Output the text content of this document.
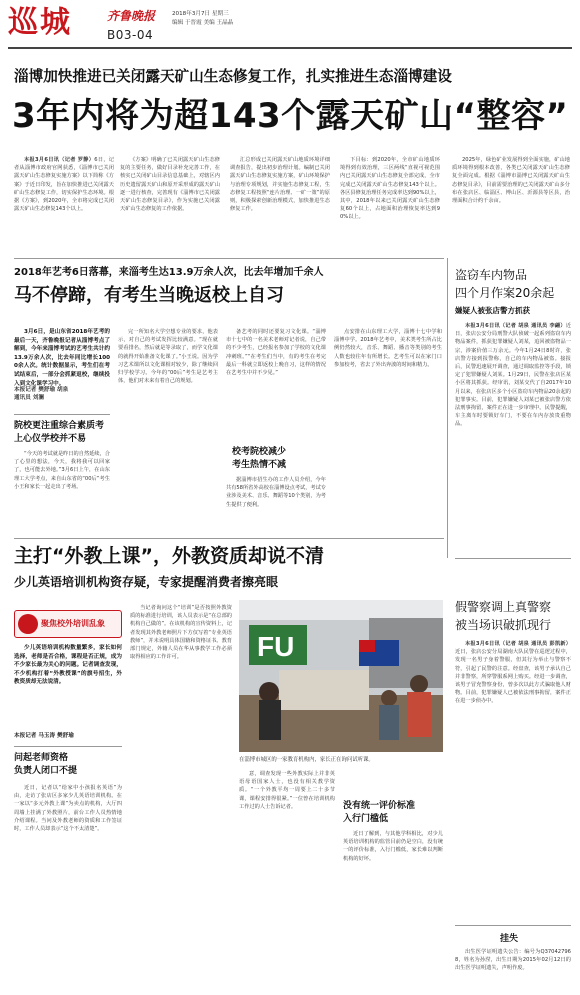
巡城	齐鲁晚报	2018年3月7日 星期三
编辑 于晋霞 美编 王晶晶
B03-04
淄博加快推进已关闭露天矿山生态修复工作，扎实推进生态淄博建设
3年内将为超143个露天矿山“整容”

本报3月6日讯（记者 罗静）6日，记者从淄博市政府官网获悉，《淄博市已关闭露天矿山生态修复实施方案》以下简称《方案》于近日印发，旨在加快推进已关闭露天矿山生态修复工作，切实保护生态环境。根据《方案》，到2020年，全市将完成已关闭露天矿山生态修复143个以上。

《方案》明确了已关闭露天矿山生态修复的主要任务，做好目录补充完善工作，在核实已关闭矿山目录信息基础上，对辖区内历史遗留露天矿山和原开采形成的露天矿山逐一进行核查，完善现有《淄博市已关闭露天矿山生态修复目录》，作为实施已关闭露天矿山生态修复的工作依据。

汇总形成已关闭露天矿山地质环境详细调查报告，提出初步治理计划。编制已关闭露天矿山生态修复实施方案，矿山环境保护与治理专项规划，并实施生态修复工程，生态修复工程按照“连片治理、一矿一策”的原则，积极探索创新治理模式，加快推进生态修复工作。

下目标：到2020年，全市矿山地质环境得到有效治理，三区两线“直视可视范围内已关闭露天矿山生态修复全部完成，全市完成已关闭露天矿山生态修复143个以上。各区县修复治理任务完成率达到90%以上，其中，2018年以来已关闭露天矿山生态修复60个以上，占地面积治理恢复率达到90%以上。

2025年，绿色矿业发展得到全面实施，矿山地质环境得到根本改善，各类已关闭露天矿山生态修复全面完成。根据《淄博市淄博已关闭露天矿山生态修复目录》，目前需要治理的已关闭露天矿山多分布在张店区、临淄区、博山区、沂源县等区县，治理面积合计约千余亩。

2018年艺考6日落幕，来淄考生达13.9万余人次，比去年增加千余人
马不停蹄，有考生当晚返校上自习

3月6日，是山东省2018年艺考的最后一天，齐鲁晚报记者从淄博考点了解到，今年来淄博考试的艺考生共计约13.9万余人次，比去年同比增长1000余人次。统计数据显示，考生们在考试结束后，一部分会抓紧返校，继续投入到文化课学习中。

本报记者 樊舒瑜 胡泉
通讯员 刘澜
院校更注重综合素质考上心仪学校并不易

“今天的考试就是昨日的自然延续，合了心里的想法，今天，我将我可以回家了，也可能去外地。”3月6日上午，在山东理工大学考点，来自山东省的“00后”考生小王和家长一起走出了考场。

完一所知名大学空想专业的要求，他表示，对自己的考试发挥比较满意。“现在就要看排名，然后就是等录取了，而学文化课的就得开始准备文化课了。”小王说。因为学习艺术课所以文化课相对较少，除了继续回归学校学习。今年的“00后”考生是艺考主体，他们对未来有着自己的规划。

备艺考的同时还要复习文化课。“淄博市十七中的一名美术老师对记者说，自己带的不少考生，已经报名参加了学校的文化课冲刺班。”“在考生们当中，有的考生在考完最后一科就立即返校上晚自习，这样的情况在艺考生中并不少见。”

校考院校减少
考生热情不减

据淄博市招生办的工作人员介绍，今年共有58所省外高校在淄博设点考试，考试专业涉及美术、音乐、舞蹈等10个类别，为考生提供了便利。

点安排在山东理工大学，淄博十七中学和淄博中学。2018年艺考中，美术类考生所占比例仍然较大，音乐、舞蹈、播音等类别的考生人数也较往年有所增长。艺考生可以在家门口参加校考，省去了外出奔波的时间和精力。

盗窃车内物品
四个月作案20余起
嫌疑人被张店警方抓获

本报3月6日讯（记者 胡泉 通讯员 李翩）近日，张店公安分局刑警大队侦破一起系列盗窃车内物品案件，抓获犯罪嫌疑人刘某，追回被盗物品一宗，涉案价值三万余元。今年1月24日8时许，张店警方接到报警称，自己的车内物品被盗。接报后，民警迅速展开调查，通过调取监控等手段，锁定了犯罪嫌疑人刘某。1月29日，民警在张店区某小区将其抓获。经审讯，刘某交代了自2017年10月以来，在张店区多个小区盗窃车内物品20余起的犯罪事实。目前，犯罪嫌疑人刘某已被张店警方依法刑事拘留，案件正在进一步审理中。民警提醒，车主离车时要锁好车门，不要在车内存放贵重物品。

假警察调上真警察
被当场识破抓现行

本报3月6日讯（记者 胡泉 通讯员 彭凯新）近日，张店公安分局湖南大队民警在巡逻过程中，发现一名男子身着警服，但其行为举止与警察不符，引起了民警的注意。经盘查，该男子承认自己并非警察，所穿警服系网上购买。经进一步调查，该男子冒充警察身份，曾多次以此方式骗取他人财物。目前，犯罪嫌疑人已被依法刑事拘留，案件正在进一步侦办中。

挂失

出生医学证明遗失公告：编号为Q370427968，姓名为孙滢，出生日期为2015年02月12日的出生医学证明遗失，声明作废。

主打“外教上课”，外教资质却说不清
少儿英语培训机构资存疑，专家提醒消费者擦亮眼
聚焦校外培训乱象

少儿英语培训机构数量繁多，家长如何选择，老师是否合格，课程是否正规，成为不少家长最为关心的问题。记者调查发现，不少机构打着“外教授课”的旗号招生，外教资质却无法说清。

本报记者 马玉涛 樊舒瑜
问起老师资格
负责人闭口不提

近日，记者以“给家中小孩报名英语”为由，走访了张店区多家少儿英语培训机构。在一家以“多元外教上课”为卖点的机构，大厅四周墙上挂满了外教照片，前台工作人员热情地介绍课程。当问及外教老师的资质和工作签证时，工作人员却表示“这个不太清楚”。

当记者询问这个“培训”是否按照外教资质的标准进行培训，该人员表示是“在总部的机构自己做的”。在该机构的宣传资料上，记者发现其外教老师照片下方仅写着“专业英语教师”，并未说明具体国籍和资格证书。教育部门规定，外籍人员在华从事教学工作必须取得相应的工作许可。	FU
在淄博市城区的一家教育机构内，家长正在询问试听课。

意，调查发现一些外教实际上并非英语母语国家人士，也没有相关教学资质。“一个外教平均一周要上二十多节课，课程安排得很紧。”一位曾在培训机构工作过的人士告诉记者。	没有统一评价标准
入行门槛低

近日了解到，与其他学科相比，对少儿英语培训机构的监管目前仍是空白，没有统一的评价标准，入行门槛低，家长难以判断机构的好坏。
